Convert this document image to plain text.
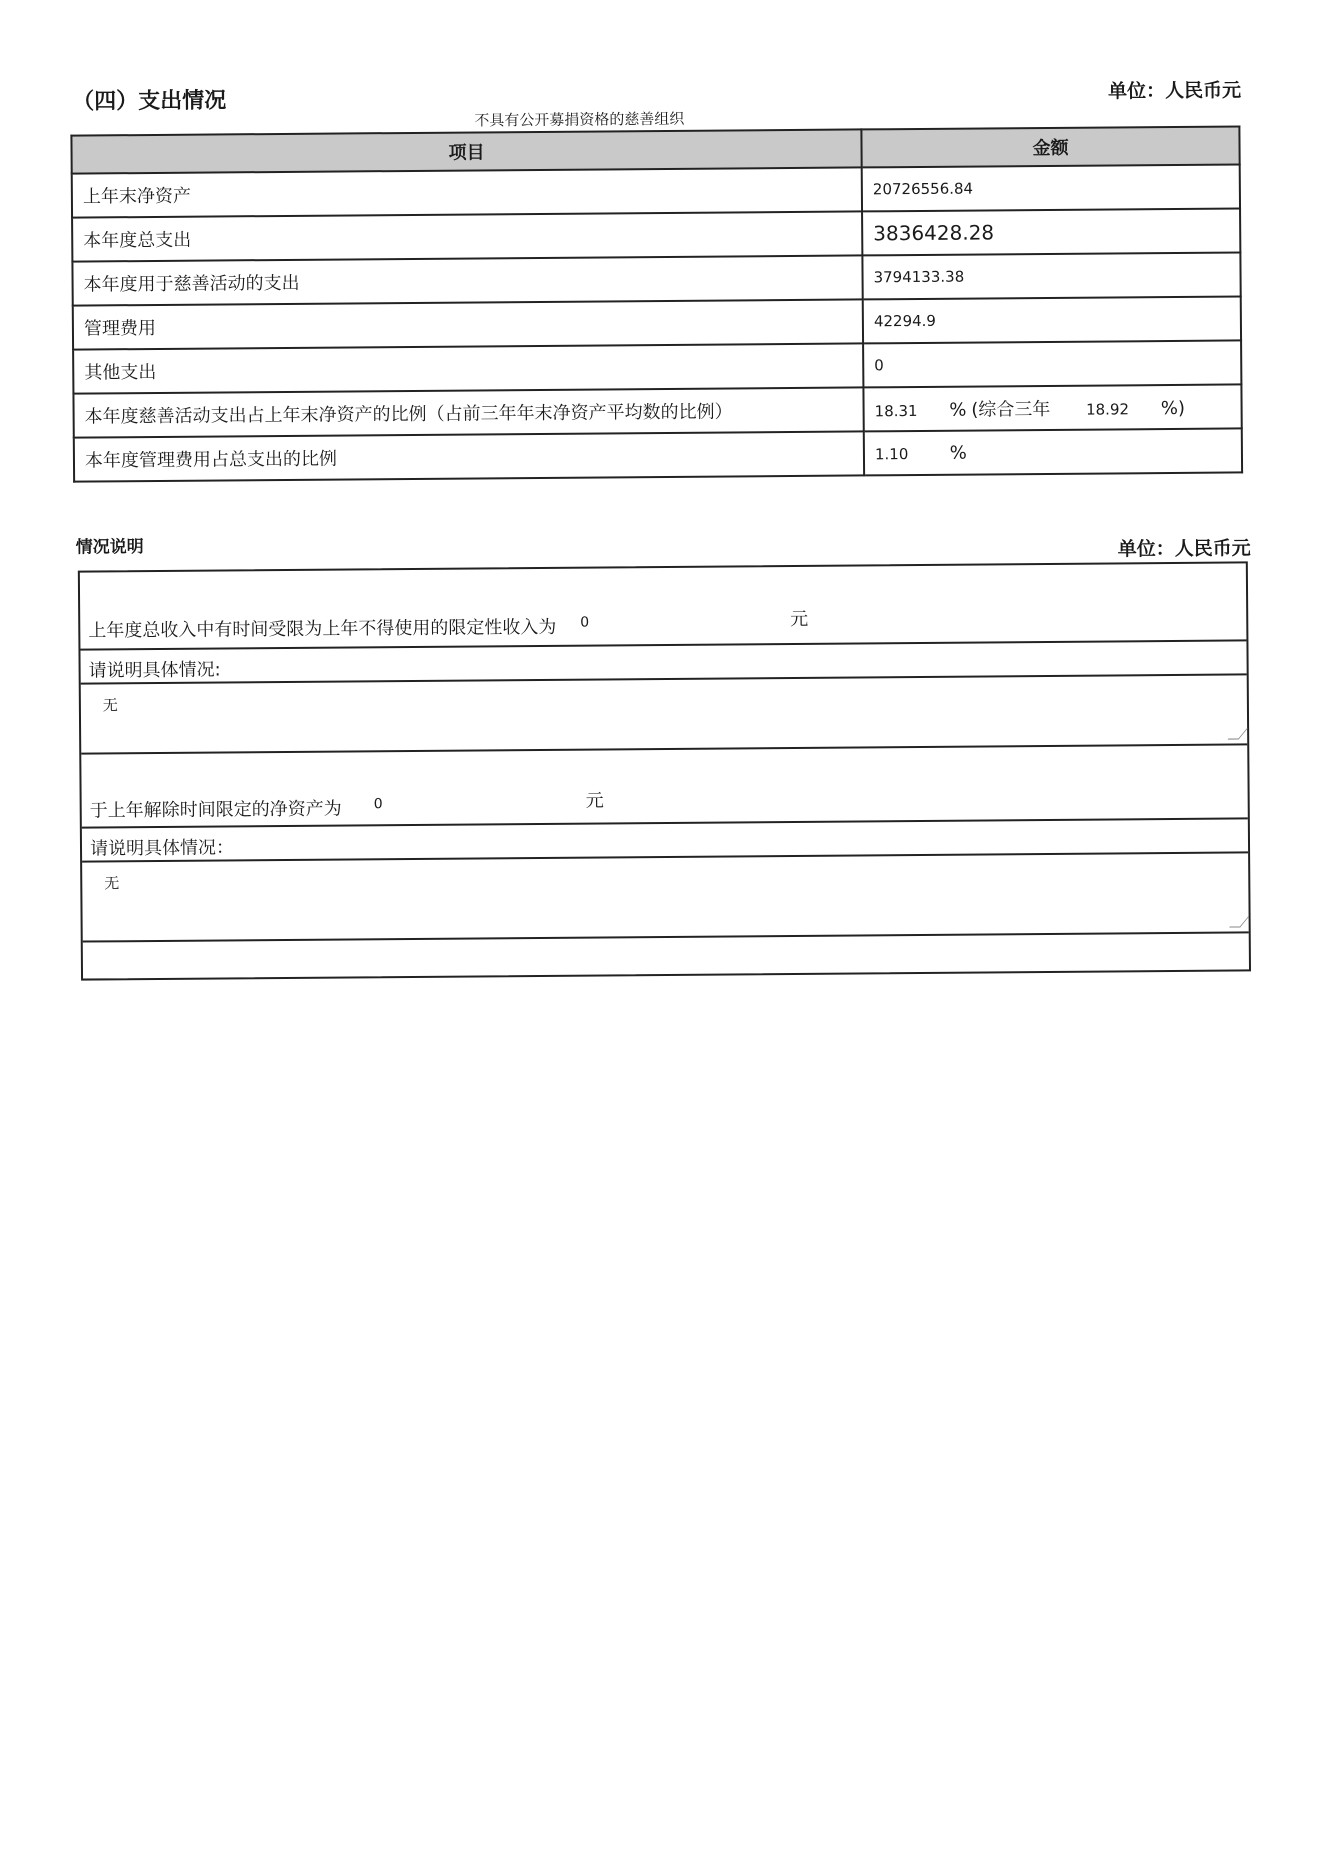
（四）支出情况	单位：人民币元
不具有公开募捐资格的慈善组织
项目	金额
上年末净资产	20726556.84
本年度总支出	3836428.28
本年度用于慈善活动的支出	3794133.38
管理费用	42294.9
其他支出	0
本年度慈善活动支出占上年末净资产的比例（占前三年年末净资产平均数的比例）	18.31 % (综合三年 18.92 %)
本年度管理费用占总支出的比例	1.10 %
情况说明	单位：人民币元
上年度总收入中有时间受限为上年不得使用的限定性收入为 0	元
请说明具体情况:
无
于上年解除时间限定的净资产为 0	元
请说明具体情况：
无
